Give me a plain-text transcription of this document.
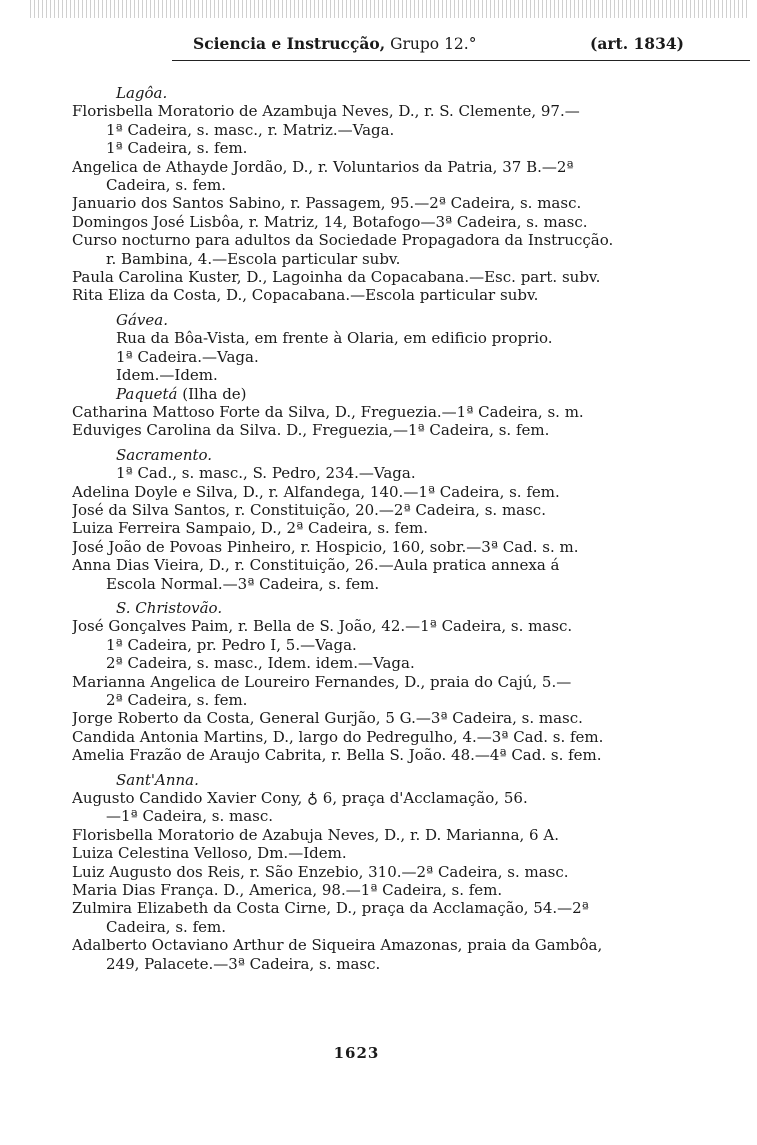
Sciencia e Instrucção, Grupo 12.°	(art. 1834)
Lagôa.
Florisbella Moratorio de Azambuja Neves, D., r. S. Clemente, 97.—
1ª Cadeira, s. masc., r. Matriz.—Vaga.
1ª Cadeira, s. fem.
Angelica de Athayde Jordão, D., r. Voluntarios da Patria, 37 B.—2ª
Cadeira, s. fem.
Januario dos Santos Sabino, r. Passagem, 95.—2ª Cadeira, s. masc.
Domingos José Lisbôa, r. Matriz, 14, Botafogo—3ª Cadeira, s. masc.
Curso nocturno para adultos da Sociedade Propagadora da Instrucção.
r. Bambina, 4.—Escola particular subv.
Paula Carolina Kuster, D., Lagoinha da Copacabana.—Esc. part. subv.
Rita Eliza da Costa, D., Copacabana.—Escola particular subv.
Gávea.
Rua da Bôa-Vista, em frente à Olaria, em edificio proprio.
1ª Cadeira.—Vaga.
Idem.—Idem.
Paquetá (Ilha de)
Catharina Mattoso Forte da Silva, D., Freguezia.—1ª Cadeira, s. m.
Eduviges Carolina da Silva. D., Freguezia,—1ª Cadeira, s. fem.
Sacramento.
1ª Cad., s. masc., S. Pedro, 234.—Vaga.
Adelina Doyle e Silva, D., r. Alfandega, 140.—1ª Cadeira, s. fem.
José da Silva Santos, r. Constituição, 20.—2ª Cadeira, s. masc.
Luiza Ferreira Sampaio, D., 2ª Cadeira, s. fem.
José João de Povoas Pinheiro, r. Hospicio, 160, sobr.—3ª Cad. s. m.
Anna Dias Vieira, D., r. Constituição, 26.—Aula pratica annexa á
Escola Normal.—3ª Cadeira, s. fem.
S. Christovão.
José Gonçalves Paim, r. Bella de S. João, 42.—1ª Cadeira, s. masc.
1ª Cadeira, pr. Pedro I, 5.—Vaga.
2ª Cadeira, s. masc., Idem. idem.—Vaga.
Marianna Angelica de Loureiro Fernandes, D., praia do Cajú, 5.—
2ª Cadeira, s. fem.
Jorge Roberto da Costa, General Gurjão, 5 G.—3ª Cadeira, s. masc.
Candida Antonia Martins, D., largo do Pedregulho, 4.—3ª Cad. s. fem.
Amelia Frazão de Araujo Cabrita, r. Bella S. João. 48.—4ª Cad. s. fem.
Sant'Anna.
Augusto Candido Xavier Cony, ♁ 6, praça d'Acclamação, 56.
—1ª Cadeira, s. masc.
Florisbella Moratorio de Azabuja Neves, D., r. D. Marianna, 6 A.
Luiza Celestina Velloso, Dm.—Idem.
Luiz Augusto dos Reis, r. São Enzebio, 310.—2ª Cadeira, s. masc.
Maria Dias França. D., America, 98.—1ª Cadeira, s. fem.
Zulmira Elizabeth da Costa Cirne, D., praça da Acclamação, 54.—2ª
Cadeira, s. fem.
Adalberto Octaviano Arthur de Siqueira Amazonas, praia da Gambôa,
249, Palacete.—3ª Cadeira, s. masc.
1623
